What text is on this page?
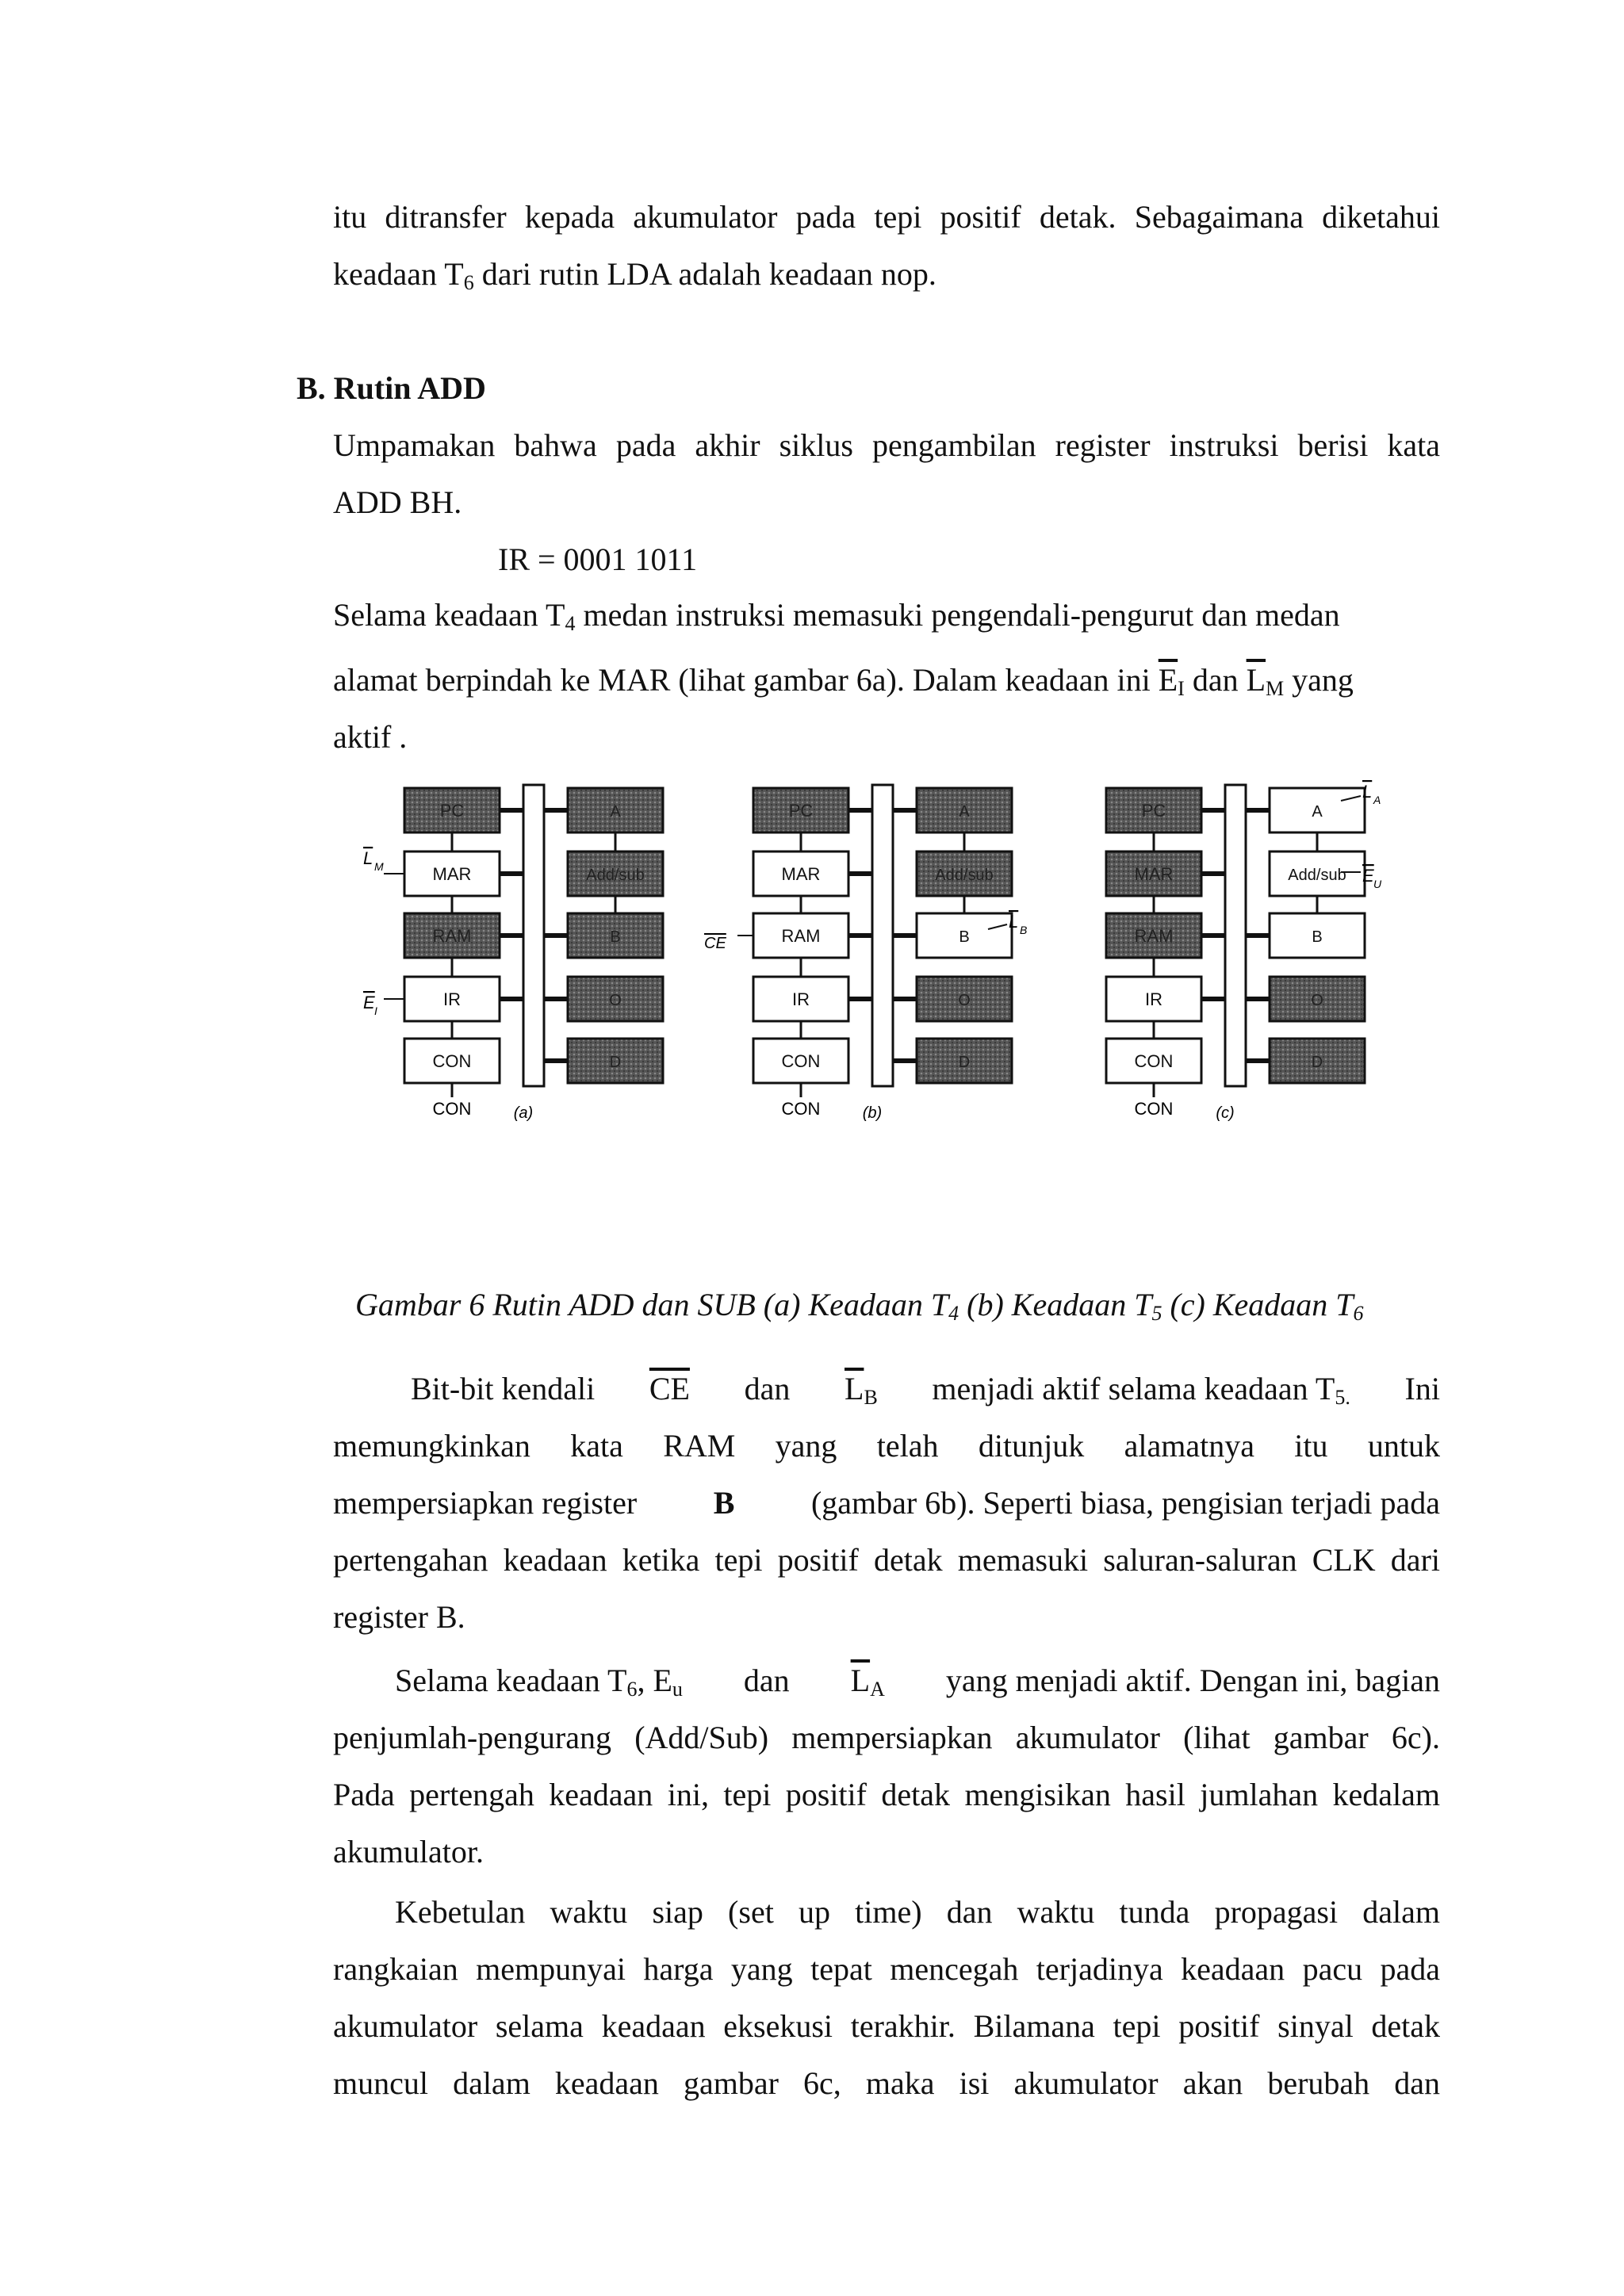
itu ditransfer kepada akumulator pada tepi positif detak. Sebagaimana diketahui
keadaan $T_6$ dari rutin LDA adalah keadaan nop.
B. Rutin ADD
Umpamakan bahwa pada akhir siklus pengambilan register instruksi berisi kata
ADD BH.
IR = 0001 1011
Selama keadaan $T_4$ medan instruksi memasuki pengendali-pengurut dan medan
alamat berpindah ke MAR (lihat gambar 6a). Dalam keadaan ini $\overline{E}_I$ dan $\overline{L}_M$ yang
aktif .
PC
MAR
RAM
IR
CON
CON
A
Add/sub
B
O
D
(a)
PC
MAR
RAM
IR
CON
CON
A
Add/sub
B
O
D
(b)
PC
MAR
RAM
IR
CON
CON
A
Add/sub
B
O
D
(c)
L M
E I
CE
L B
L A
E U
Gambar 6 Rutin ADD dan SUB (a) Keadaan $T_4$ (b) Keadaan $T_5$ (c) Keadaan $T_6$
Bit-bit kendali $\overline{CE}$ dan $\overline{L}_B$ menjadi aktif selama keadaan $T_{5.}$ Ini
memungkinkan kata RAM yang telah ditunjuk alamatnya itu untuk
mempersiapkan register B (gambar 6b). Seperti biasa, pengisian terjadi pada
pertengahan keadaan ketika tepi positif detak memasuki saluran-saluran CLK dari
register B.
Selama keadaan $T_6$, $E_u$ dan $\overline{L}_A$ yang menjadi aktif. Dengan ini, bagian
penjumlah-pengurang (Add/Sub) mempersiapkan akumulator (lihat gambar 6c).
Pada pertengah keadaan ini, tepi positif detak mengisikan hasil jumlahan kedalam
akumulator.
Kebetulan waktu siap (set up time) dan waktu tunda propagasi dalam
rangkaian mempunyai harga yang tepat mencegah terjadinya keadaan pacu pada
akumulator selama keadaan eksekusi terakhir. Bilamana tepi positif sinyal detak
muncul dalam keadaan gambar 6c, maka isi akumulator akan berubah dan
